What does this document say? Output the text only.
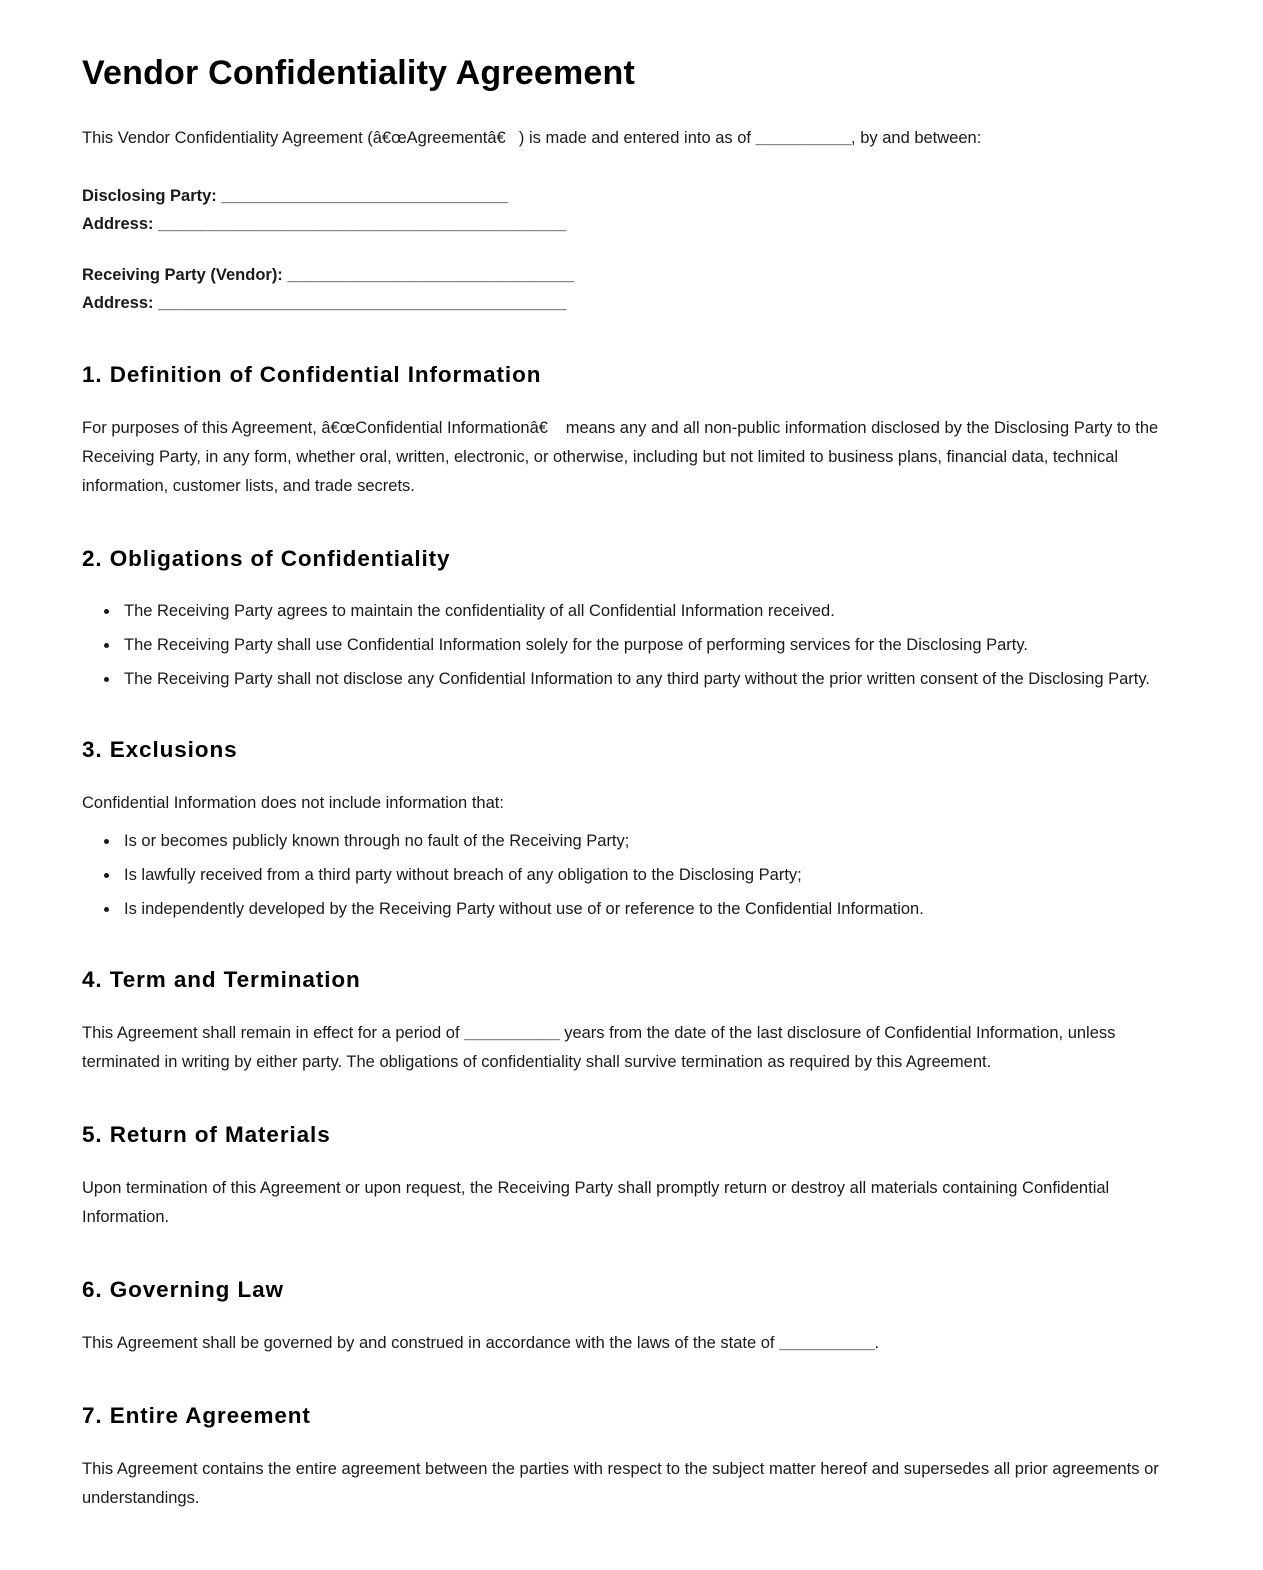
Vendor Confidentiality Agreement

This Vendor Confidentiality Agreement (â€œAgreementâ€) is made and entered into as of ___________, by and between:

Disclosing Party: _________________________________
Address: _______________________________________________
Receiving Party (Vendor): _________________________________
Address: _______________________________________________
1. Definition of Confidential Information

For purposes of this Agreement, â€œConfidential Informationâ€ means any and all non-public information disclosed by the Disclosing Party to the Receiving Party, in any form, whether oral, written, electronic, or otherwise, including but not limited to business plans, financial data, technical information, customer lists, and trade secrets.

2. Obligations of Confidentiality
• The Receiving Party agrees to maintain the confidentiality of all Confidential Information received.
• The Receiving Party shall use Confidential Information solely for the purpose of performing services for the Disclosing Party.
• The Receiving Party shall not disclose any Confidential Information to any third party without the prior written consent of the Disclosing Party.
3. Exclusions

Confidential Information does not include information that:

• Is or becomes publicly known through no fault of the Receiving Party;
• Is lawfully received from a third party without breach of any obligation to the Disclosing Party;
• Is independently developed by the Receiving Party without use of or reference to the Confidential Information.
4. Term and Termination

This Agreement shall remain in effect for a period of ___________ years from the date of the last disclosure of Confidential Information, unless terminated in writing by either party. The obligations of confidentiality shall survive termination as required by this Agreement.

5. Return of Materials

Upon termination of this Agreement or upon request, the Receiving Party shall promptly return or destroy all materials containing Confidential Information.

6. Governing Law

This Agreement shall be governed by and construed in accordance with the laws of the state of ___________.

7. Entire Agreement

This Agreement contains the entire agreement between the parties with respect to the subject matter hereof and supersedes all prior agreements or understandings.
